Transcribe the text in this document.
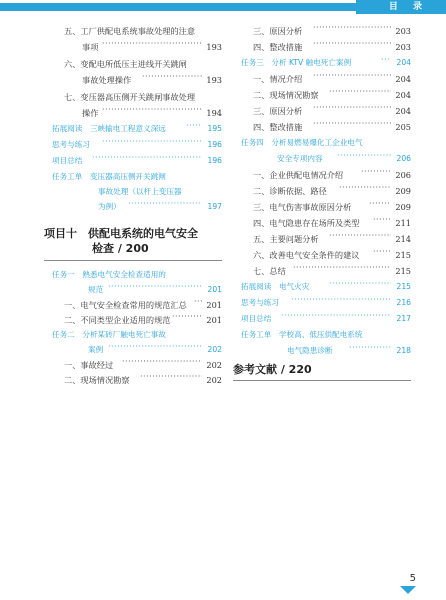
目 录
五、工厂供配电系统事故处理的注意
事项 ·····	193
六、变配电所低压主进线开关跳闸
事故处理操作 ·····	193
七、变压器高压侧开关跳闸事故处理
操作 ·····	194
拓展阅读　三峡输电工程意义深远 ·····	195
思考与练习 ·····	196
项目总结 ·····	196
任务工单　变压器高压侧开关跳闸
事故处理（以杆上变压器
为例） ·····	197
项目十　供配电系统的电气安全
检查 / 200
任务一　熟悉电气安全检查适用的
规范 ·····	201
一、电气安全检查常用的规范汇总 ····· 201
二、不同类型企业适用的规范 ·····	201
任务二　分析某砖厂触电死亡事故
案例 ·····	202
一、事故经过 ·····	202
二、现场情况勘察 ·····	202
三、原因分析 ·····	203
四、整改措施 ·····	203
任务三　分析 KTV 触电死亡案例 ·····	204
一、情况介绍 ·····	204
二、现场情况勘察 ·····	204
三、原因分析 ·····	204
四、整改措施 ·····	205
任务四　分析易燃易爆化工企业电气
安全专项内容 ·····	206
一、企业供配电情况介绍 ·····	206
二、诊断依据、路径 ·····	209
三、电气伤害事故原因分析 ·····	209
四、电气隐患存在场所及类型 ·····	211
五、主要问题分析 ·····	214
六、改善电气安全条件的建议 ·····	215
七、总结 ·····	215
拓展阅读　电气火灾 ·····	215
思考与练习 ·····	216
项目总结 ·····	217
任务工单　学校高、低压供配电系统
电气隐患诊断 ·····	218
参考文献 / 220
5
